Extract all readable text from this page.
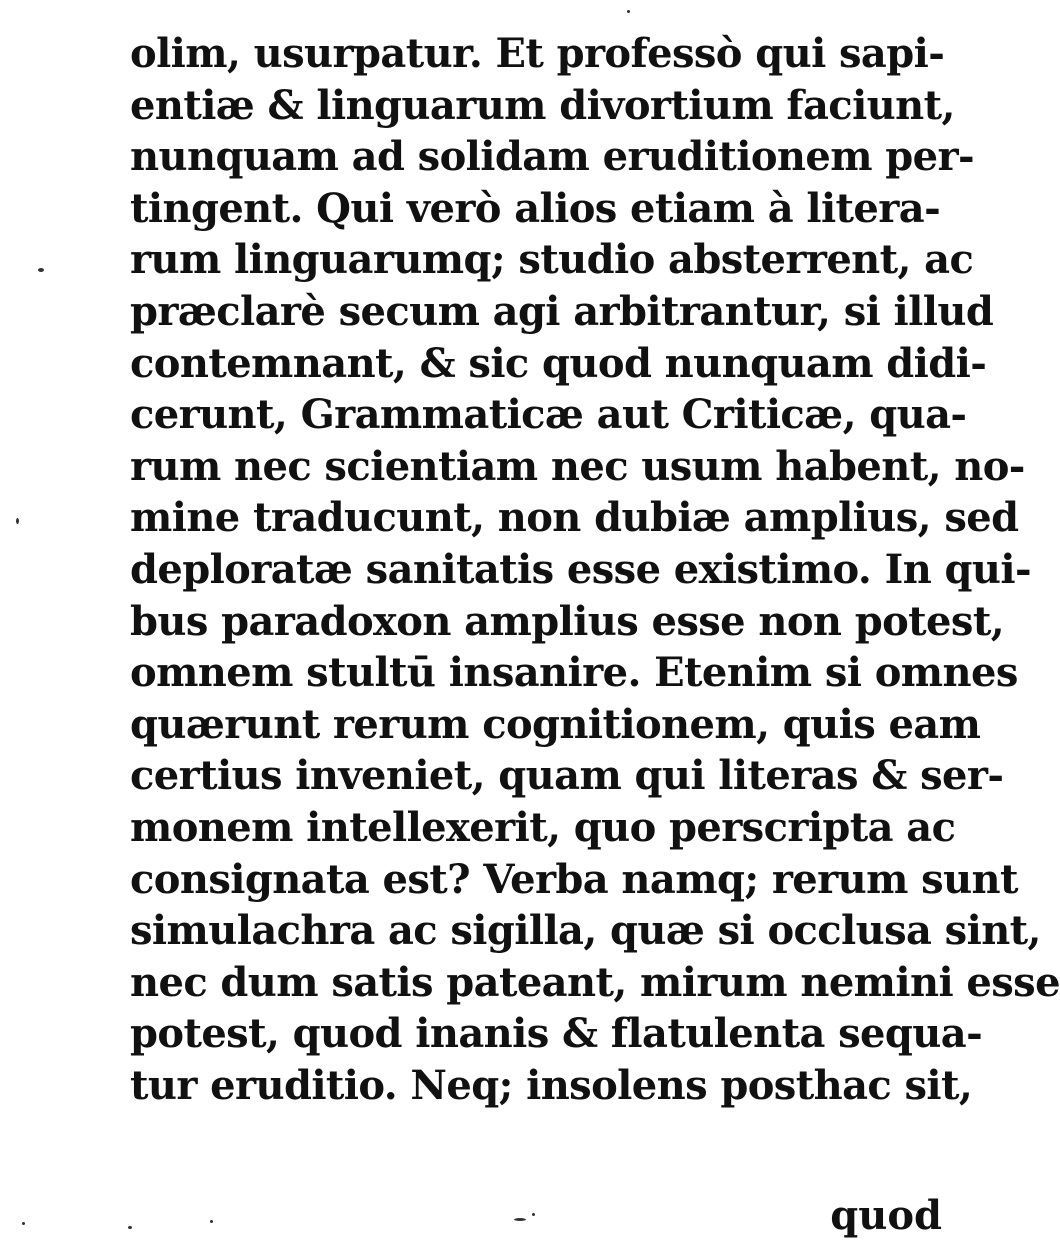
olim, usurpatur. Et professò qui sapi-
entiæ & linguarum divortium faciunt,
nunquam ad solidam eruditionem per-
tingent. Qui verò alios etiam à litera-
rum linguarumq; studio absterrent, ac
præclarè secum agi arbitrantur, si illud
contemnant, & sic quod nunquam didi-
cerunt, Grammaticæ aut Criticæ, qua-
rum nec scientiam nec usum habent, no-
mine traducunt, non dubiæ amplius, sed
deploratæ sanitatis esse existimo. In qui-
bus paradoxon amplius esse non potest,
omnem stultū insanire. Etenim si omnes
quærunt rerum cognitionem, quis eam
certius inveniet, quam qui literas & ser-
monem intellexerit, quo perscripta ac
consignata est? Verba namq; rerum sunt
simulachra ac sigilla, quæ si occlusa sint,
nec dum satis pateant, mirum nemini esse
potest, quod inanis & flatulenta sequa-
tur eruditio. Neq; insolens posthac sit,
quod
